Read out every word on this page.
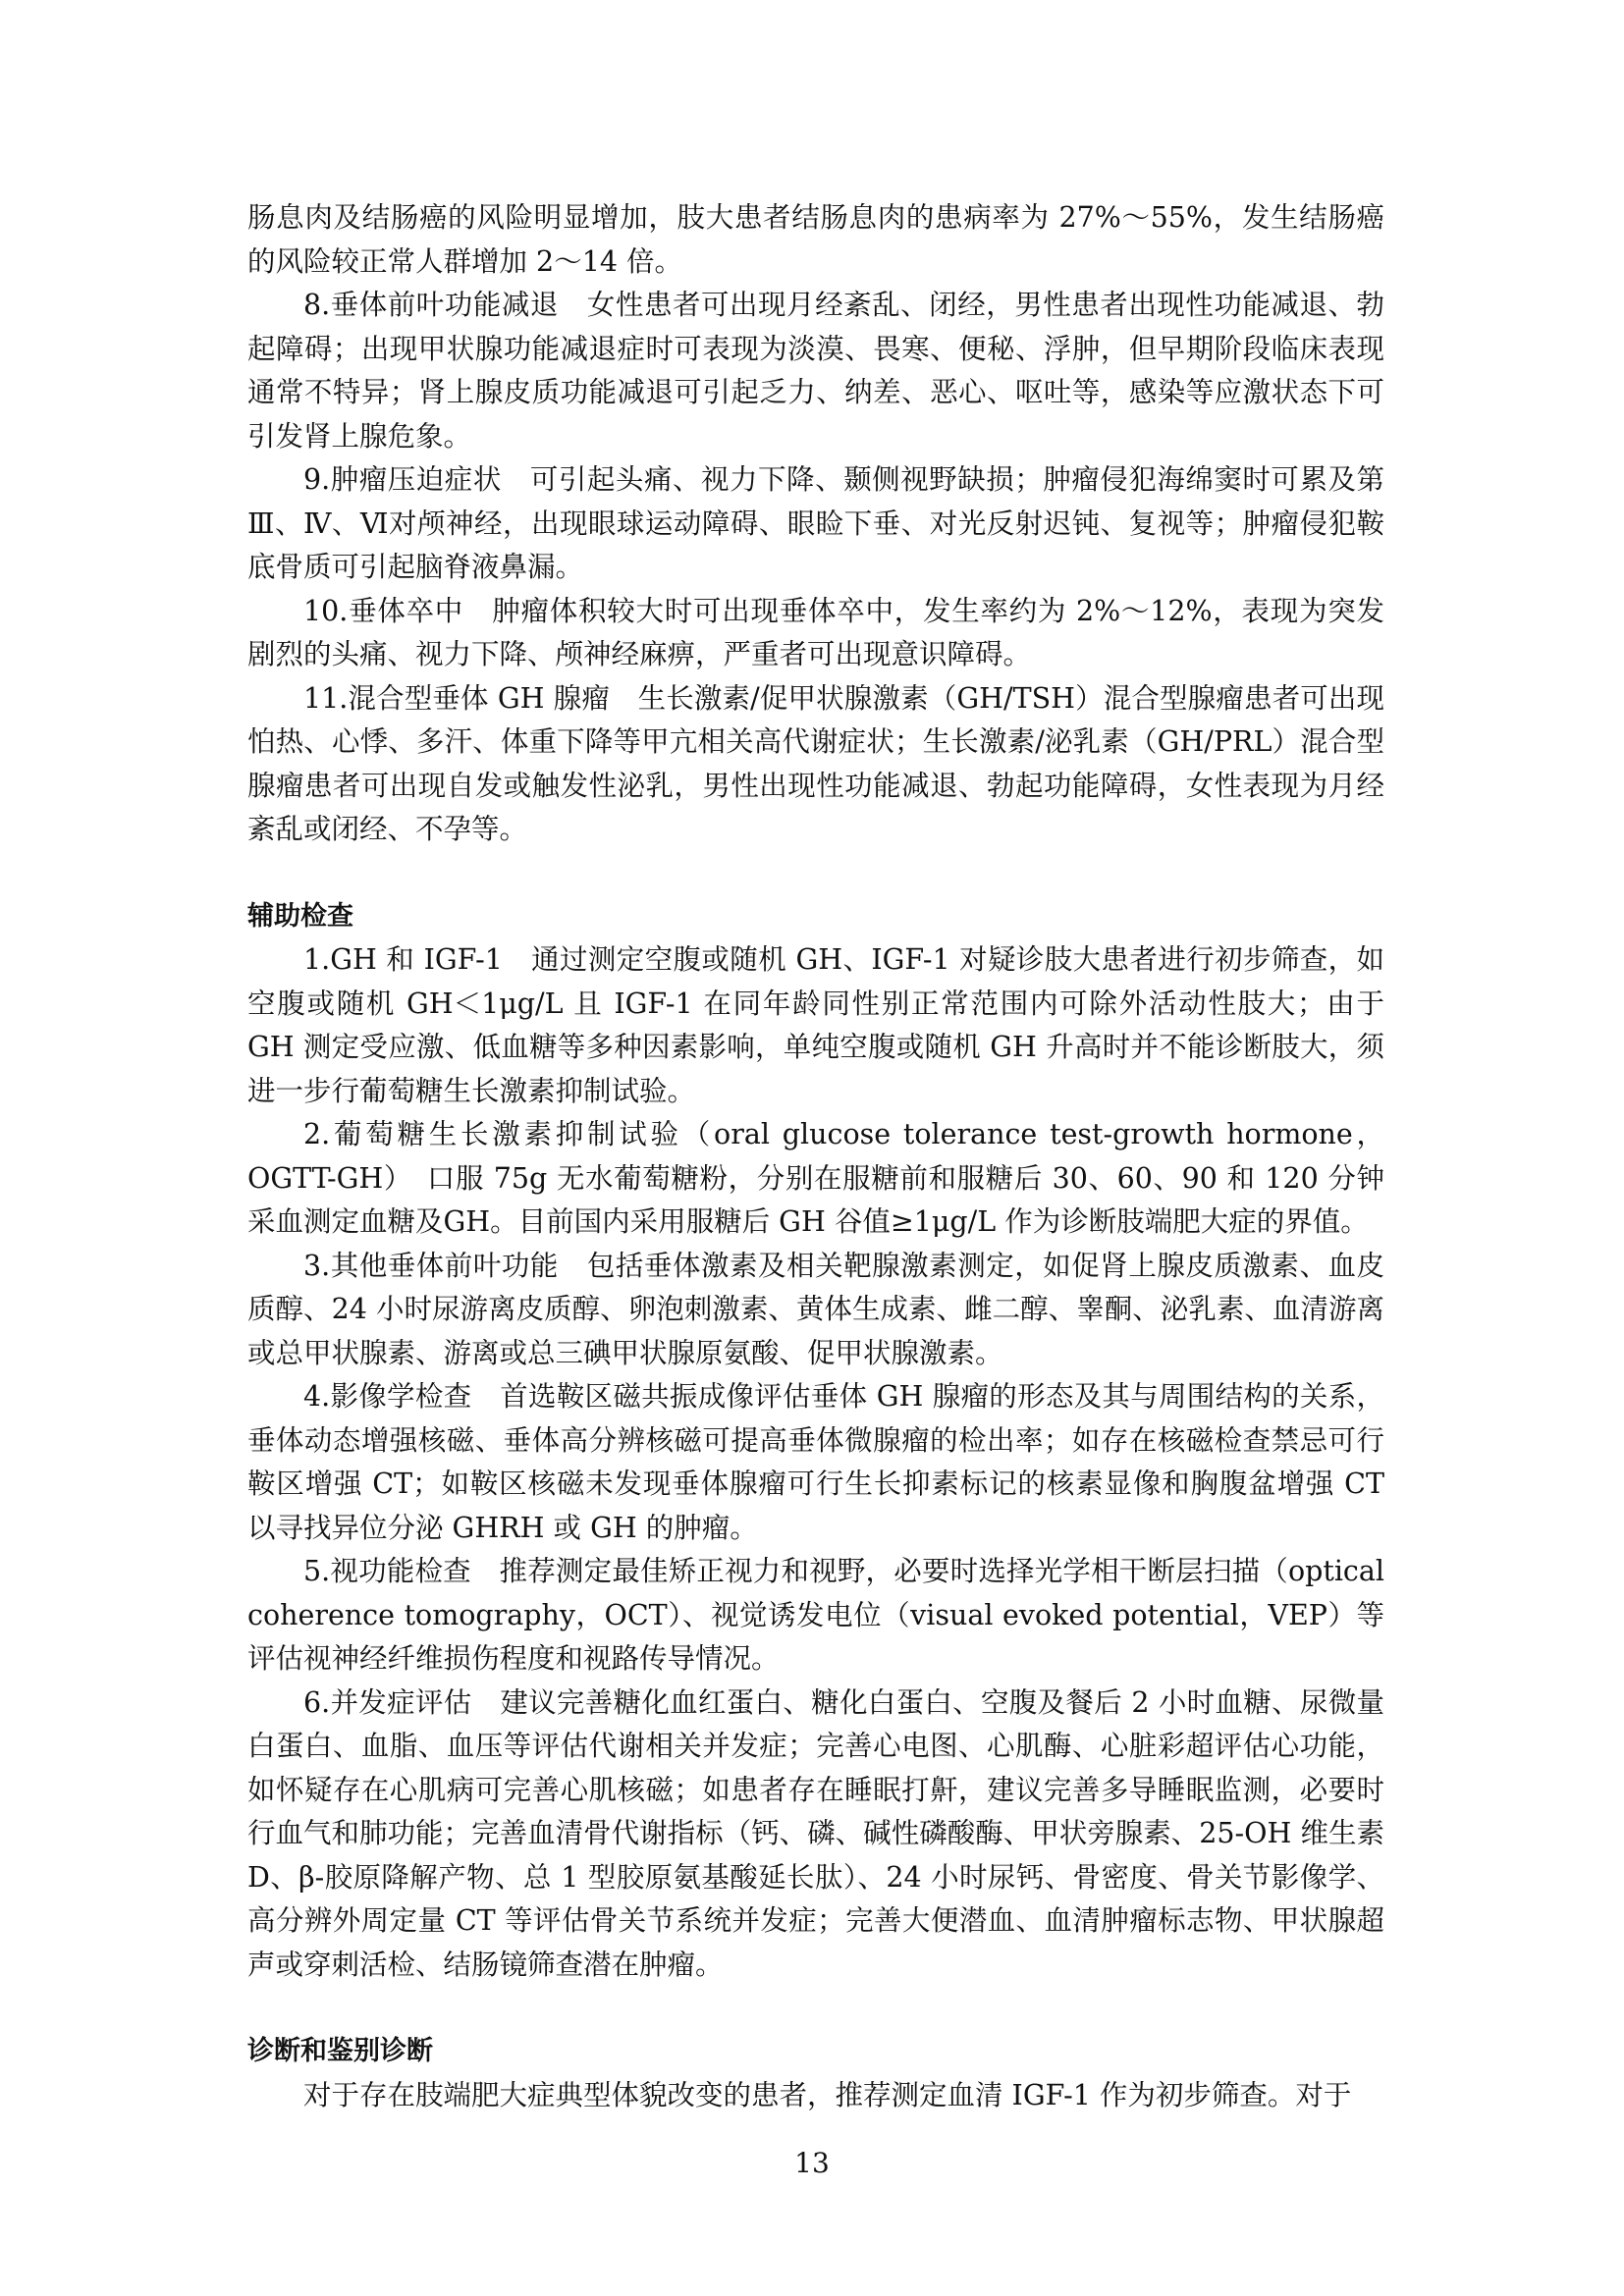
肠息肉及结肠癌的风险明显增加，肢大患者结肠息肉的患病率为 27%～55%，发生结肠癌的风险较正常人群增加 2～14 倍。

8.垂体前叶功能减退　女性患者可出现月经紊乱、闭经，男性患者出现性功能减退、勃起障碍；出现甲状腺功能减退症时可表现为淡漠、畏寒、便秘、浮肿，但早期阶段临床表现通常不特异；肾上腺皮质功能减退可引起乏力、纳差、恶心、呕吐等，感染等应激状态下可引发肾上腺危象。

9.肿瘤压迫症状　可引起头痛、视力下降、颞侧视野缺损；肿瘤侵犯海绵窦时可累及第Ⅲ、Ⅳ、Ⅵ对颅神经，出现眼球运动障碍、眼睑下垂、对光反射迟钝、复视等；肿瘤侵犯鞍底骨质可引起脑脊液鼻漏。

10.垂体卒中　肿瘤体积较大时可出现垂体卒中，发生率约为 2%～12%，表现为突发剧烈的头痛、视力下降、颅神经麻痹，严重者可出现意识障碍。

11.混合型垂体 GH 腺瘤　生长激素/促甲状腺激素（GH/TSH）混合型腺瘤患者可出现怕热、心悸、多汗、体重下降等甲亢相关高代谢症状；生长激素/泌乳素（GH/PRL）混合型腺瘤患者可出现自发或触发性泌乳，男性出现性功能减退、勃起功能障碍，女性表现为月经紊乱或闭经、不孕等。

辅助检查

1.GH 和 IGF-1　通过测定空腹或随机 GH、IGF-1 对疑诊肢大患者进行初步筛查，如空腹或随机 GH＜1μg/L 且 IGF-1 在同年龄同性别正常范围内可除外活动性肢大；由于 GH 测定受应激、低血糖等多种因素影响，单纯空腹或随机 GH 升高时并不能诊断肢大，须进一步行葡萄糖生长激素抑制试验。

2.葡萄糖生长激素抑制试验（oral glucose tolerance test-growth hormone，OGTT-GH）　口服 75g 无水葡萄糖粉，分别在服糖前和服糖后 30、60、90 和 120 分钟采血测定血糖及GH。目前国内采用服糖后 GH 谷值≥1μg/L 作为诊断肢端肥大症的界值。

3.其他垂体前叶功能　包括垂体激素及相关靶腺激素测定，如促肾上腺皮质激素、血皮质醇、24 小时尿游离皮质醇、卵泡刺激素、黄体生成素、雌二醇、睾酮、泌乳素、血清游离或总甲状腺素、游离或总三碘甲状腺原氨酸、促甲状腺激素。

4.影像学检查　首选鞍区磁共振成像评估垂体 GH 腺瘤的形态及其与周围结构的关系，垂体动态增强核磁、垂体高分辨核磁可提高垂体微腺瘤的检出率；如存在核磁检查禁忌可行鞍区增强 CT；如鞍区核磁未发现垂体腺瘤可行生长抑素标记的核素显像和胸腹盆增强 CT 以寻找异位分泌 GHRH 或 GH 的肿瘤。

5.视功能检查　推荐测定最佳矫正视力和视野，必要时选择光学相干断层扫描（optical coherence tomography，OCT）、视觉诱发电位（visual evoked potential，VEP）等评估视神经纤维损伤程度和视路传导情况。

6.并发症评估　建议完善糖化血红蛋白、糖化白蛋白、空腹及餐后 2 小时血糖、尿微量白蛋白、血脂、血压等评估代谢相关并发症；完善心电图、心肌酶、心脏彩超评估心功能，如怀疑存在心肌病可完善心肌核磁；如患者存在睡眠打鼾，建议完善多导睡眠监测，必要时行血气和肺功能；完善血清骨代谢指标（钙、磷、碱性磷酸酶、甲状旁腺素、25-OH 维生素 D、β-胶原降解产物、总 1 型胶原氨基酸延长肽）、24 小时尿钙、骨密度、骨关节影像学、高分辨外周定量 CT 等评估骨关节系统并发症；完善大便潜血、血清肿瘤标志物、甲状腺超声或穿刺活检、结肠镜筛查潜在肿瘤。

诊断和鉴别诊断

对于存在肢端肥大症典型体貌改变的患者，推荐测定血清 IGF-1 作为初步筛查。对于

13
